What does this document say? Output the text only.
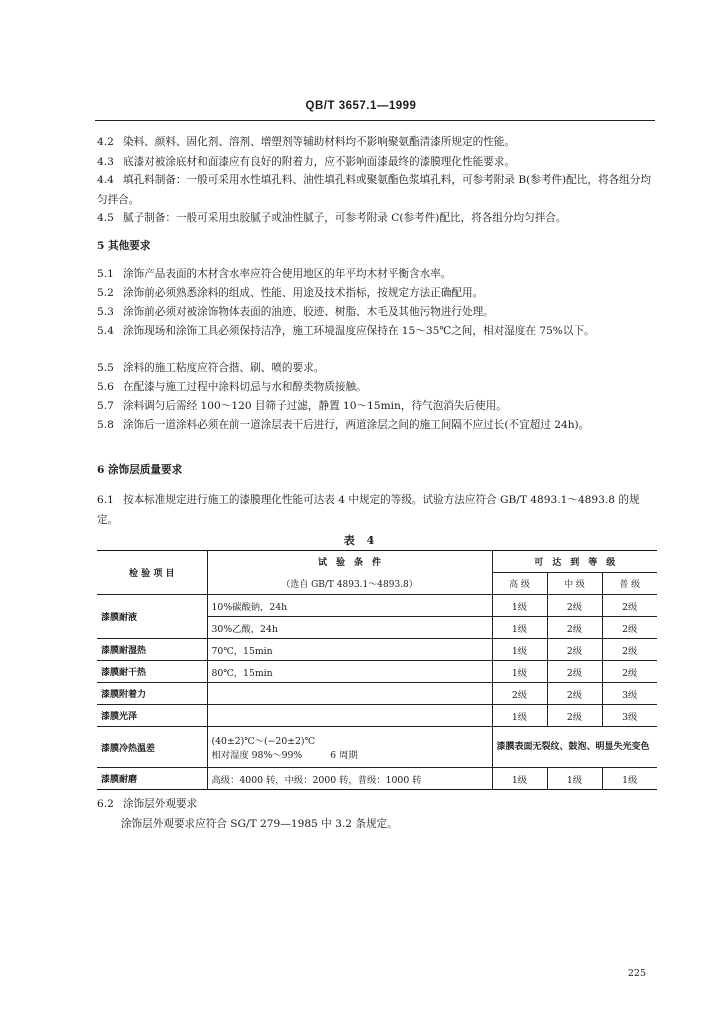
QB/T 3657.1—1999
4.2 染料、颜料、固化剂、溶剂、增塑剂等辅助材料均不影响聚氨酯清漆所规定的性能。
4.3 底漆对被涂底材和面漆应有良好的附着力，应不影响面漆最终的漆膜理化性能要求。
4.4 填孔料制备：一般可采用水性填孔料、油性填孔料或聚氨酯色浆填孔料，可参考附录 B(参考件)配比，将各组分均匀拌合。
4.5 腻子制备：一般可采用虫胶腻子或油性腻子，可参考附录 C(参考件)配比，将各组分均匀拌合。
5 其他要求
5.1 涂饰产品表面的木材含水率应符合使用地区的年平均木材平衡含水率。
5.2 涂饰前必须熟悉涂料的组成、性能、用途及技术指标，按规定方法正确配用。
5.3 涂饰前必须对被涂饰物体表面的油迹、胶迹、树脂、木毛及其他污物进行处理。
5.4 涂饰现场和涂饰工具必须保持洁净，施工环境温度应保持在 15～35℃之间，相对湿度在 75%以下。
5.5 涂料的施工粘度应符合揩、刷、喷的要求。
5.6 在配漆与施工过程中涂料切忌与水和醇类物质接触。
5.7 涂料调匀后需经 100～120 目筛子过滤，静置 10～15min，待气泡消失后使用。
5.8 涂饰后一道涂料必须在前一道涂层表干后进行，两道涂层之间的施工间隔不应过长(不宜超过 24h)。
6 涂饰层质量要求
6.1 按本标准规定进行施工的漆膜理化性能可达表 4 中规定的等级。试验方法应符合 GB/T 4893.1～4893.8 的规定。
表 4
检 验 项 目	试　验　条　件	可　达　到　等　级		
	（选自 GB/T 4893.1～4893.8）	高 级	中 级	普 级
漆膜耐液	10%碳酸钠，24h	1级	2级	2级
	30%乙酸，24h	1级	2级	2级
漆膜耐湿热	70℃，15min	1级	2级	2级
漆膜耐干热	80℃，15min	1级	2级	2级
漆膜附着力		2级	2级	3级
漆膜光泽		1级	2级	3级
漆膜冷热温差	(40±2)℃～(−20±2)℃
相对湿度 98%～99%　　　6 周期	漆膜表面无裂纹、鼓泡、明显失光变色		
漆膜耐磨	高级：4000 转，中级：2000 转，普级：1000 转	1级	1级	1级
6.2 涂饰层外观要求
涂饰层外观要求应符合 SG/T 279—1985 中 3.2 条规定。
225
